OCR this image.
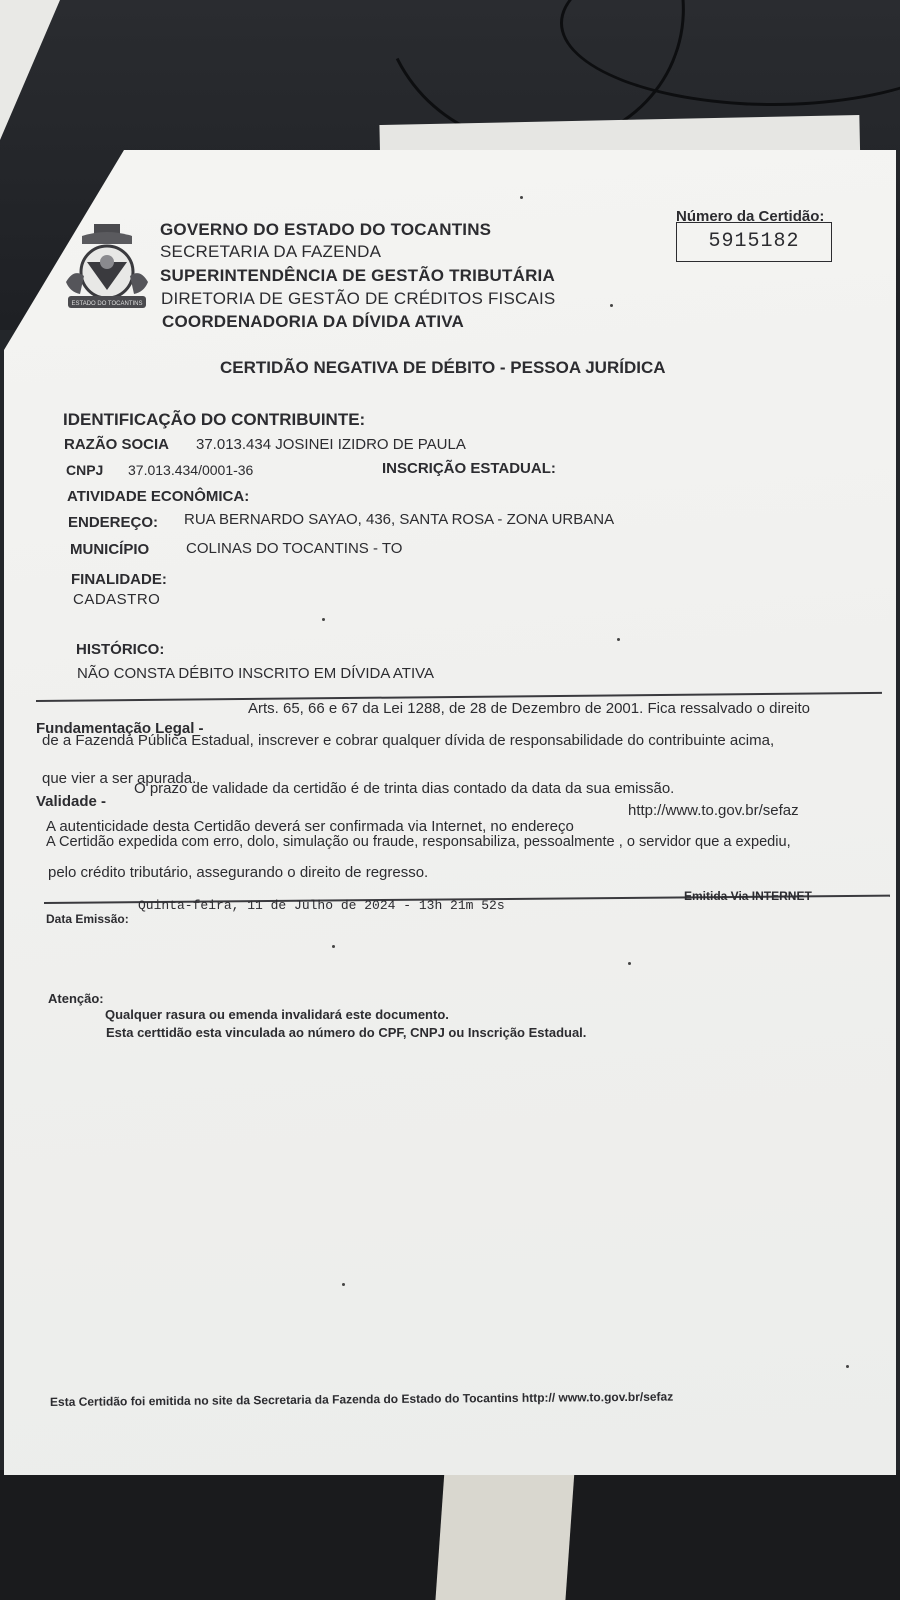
ESTADO DO TOCANTINS
GOVERNO DO ESTADO DO TOCANTINS
SECRETARIA DA FAZENDA
SUPERINTENDÊNCIA DE GESTÃO TRIBUTÁRIA
DIRETORIA DE GESTÃO DE CRÉDITOS FISCAIS
COORDENADORIA DA DÍVIDA ATIVA
Número da Certidão:
5915182
CERTIDÃO NEGATIVA DE DÉBITO - PESSOA JURÍDICA
IDENTIFICAÇÃO DO CONTRIBUINTE:
RAZÃO SOCIA 37.013.434 JOSINEI IZIDRO DE PAULA
CNPJ 37.013.434/0001-36	INSCRIÇÃO ESTADUAL:
ATIVIDADE ECONÔMICA:
ENDEREÇO: RUA BERNARDO SAYAO, 436, SANTA ROSA - ZONA URBANA
MUNICÍPIO COLINAS DO TOCANTINS - TO
FINALIDADE:
CADASTRO
HISTÓRICO:
NÃO CONSTA DÉBITO INSCRITO EM DÍVIDA ATIVA
Fundamentação Legal -
Arts. 65, 66 e 67 da Lei 1288, de 28 de Dezembro de 2001. Fica ressalvado o direito
de a Fazenda Pública Estadual, inscrever e cobrar qualquer dívida de responsabilidade do contribuinte acima,
que vier a ser apurada.
Validade -
O prazo de validade da certidão é de trinta dias contado da data da sua emissão.
A autenticidade desta Certidão deverá ser confirmada via Internet, no endereço
http://www.to.gov.br/sefaz
A Certidão expedida com erro, dolo, simulação ou fraude, responsabiliza, pessoalmente , o servidor que a expediu,
pelo crédito tributário, assegurando o direito de regresso.
Data Emissão:
Quinta-feira, 11 de Julho de 2024 - 13h 21m 52s
Emitida Via INTERNET
Atenção:
Qualquer rasura ou emenda invalidará este documento.
Esta certtidão esta vinculada ao número do CPF, CNPJ ou Inscrição Estadual.
Esta Certidão foi emitida no site da Secretaria da Fazenda do Estado do Tocantins http:// www.to.gov.br/sefaz
